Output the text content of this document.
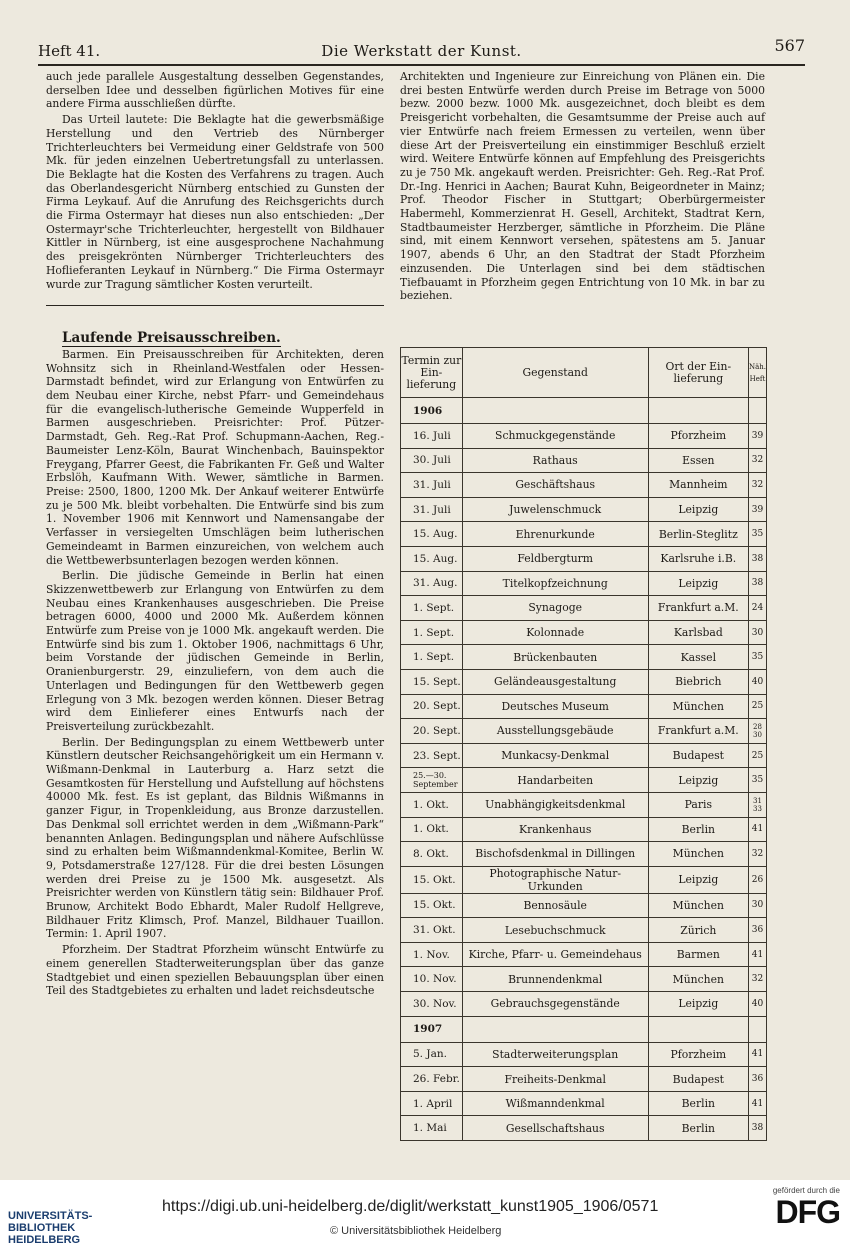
Heft 41.	Die Werkstatt der Kunst.	567

auch jede parallele Ausgestaltung desselben Gegenstandes, derselben Idee und desselben figürlichen Motives für eine andere Firma ausschließen dürfte.

Das Urteil lautete: Die Beklagte hat die gewerbsmäßige Herstellung und den Vertrieb des Nürnberger Trichterleuchters bei Vermeidung einer Geldstrafe von 500 Mk. für jeden einzelnen Uebertretungsfall zu unterlassen. Die Beklagte hat die Kosten des Verfahrens zu tragen. Auch das Oberlandesgericht Nürnberg entschied zu Gunsten der Firma Leykauf. Auf die Anrufung des Reichsgerichts durch die Firma Ostermayr hat dieses nun also entschieden: „Der Ostermayr'sche Trichterleuchter, hergestellt von Bildhauer Kittler in Nürnberg, ist eine ausgesprochene Nachahmung des preisgekrönten Nürnberger Trichterleuchters des Hoflieferanten Leykauf in Nürnberg.“ Die Firma Ostermayr wurde zur Tragung sämtlicher Kosten verurteilt.

Laufende Preisausschreiben.

Barmen. Ein Preisausschreiben für Architekten, deren Wohnsitz sich in Rheinland-Westfalen oder Hessen-Darmstadt befindet, wird zur Erlangung von Entwürfen zu dem Neubau einer Kirche, nebst Pfarr- und Gemeindehaus für die evangelisch-lutherische Gemeinde Wupperfeld in Barmen ausgeschrieben. Preisrichter: Prof. Pützer-Darmstadt, Geh. Reg.-Rat Prof. Schupmann-Aachen, Reg.-Baumeister Lenz-Köln, Baurat Winchenbach, Bauinspektor Freygang, Pfarrer Geest, die Fabrikanten Fr. Geß und Walter Erbslöh, Kaufmann With. Wewer, sämtliche in Barmen. Preise: 2500, 1800, 1200 Mk. Der Ankauf weiterer Entwürfe zu je 500 Mk. bleibt vorbehalten. Die Entwürfe sind bis zum 1. November 1906 mit Kennwort und Namensangabe der Verfasser in versiegelten Umschlägen beim lutherischen Gemeindeamt in Barmen einzureichen, von welchem auch die Wettbewerbsunterlagen bezogen werden können.

Berlin. Die jüdische Gemeinde in Berlin hat einen Skizzenwettbewerb zur Erlangung von Entwürfen zu dem Neubau eines Krankenhauses ausgeschrieben. Die Preise betragen 6000, 4000 und 2000 Mk. Außerdem können Entwürfe zum Preise von je 1000 Mk. angekauft werden. Die Entwürfe sind bis zum 1. Oktober 1906, nachmittags 6 Uhr, beim Vorstande der jüdischen Gemeinde in Berlin, Oranienburgerstr. 29, einzuliefern, von dem auch die Unterlagen und Bedingungen für den Wettbewerb gegen Erlegung von 3 Mk. bezogen werden können. Dieser Betrag wird dem Einlieferer eines Entwurfs nach der Preisverteilung zurückbezahlt.

Berlin. Der Bedingungsplan zu einem Wettbewerb unter Künstlern deutscher Reichsangehörigkeit um ein Hermann v. Wißmann-Denkmal in Lauterburg a. Harz setzt die Gesamtkosten für Herstellung und Aufstellung auf höchstens 40000 Mk. fest. Es ist geplant, das Bildnis Wißmanns in ganzer Figur, in Tropenkleidung, aus Bronze darzustellen. Das Denkmal soll errichtet werden in dem „Wißmann-Park“ benannten Anlagen. Bedingungsplan und nähere Aufschlüsse sind zu erhalten beim Wißmanndenkmal-Komitee, Berlin W. 9, Potsdamerstraße 127/128. Für die drei besten Lösungen werden drei Preise zu je 1500 Mk. ausgesetzt. Als Preisrichter werden von Künstlern tätig sein: Bildhauer Prof. Brunow, Architekt Bodo Ebhardt, Maler Rudolf Hellgreve, Bildhauer Fritz Klimsch, Prof. Manzel, Bildhauer Tuaillon. Termin: 1. April 1907.

Pforzheim. Der Stadtrat Pforzheim wünscht Entwürfe zu einem generellen Stadterweiterungsplan über das ganze Stadtgebiet und einen speziellen Bebauungsplan über einen Teil des Stadtgebietes zu erhalten und ladet reichsdeutsche

Architekten und Ingenieure zur Einreichung von Plänen ein. Die drei besten Entwürfe werden durch Preise im Betrage von 5000 bezw. 2000 bezw. 1000 Mk. ausgezeichnet, doch bleibt es dem Preisgericht vorbehalten, die Gesamtsumme der Preise auch auf vier Entwürfe nach freiem Ermessen zu verteilen, wenn über diese Art der Preisverteilung ein einstimmiger Beschluß erzielt wird. Weitere Entwürfe können auf Empfehlung des Preisgerichts zu je 750 Mk. angekauft werden. Preisrichter: Geh. Reg.-Rat Prof. Dr.-Ing. Henrici in Aachen; Baurat Kuhn, Beigeordneter in Mainz; Prof. Theodor Fischer in Stuttgart; Oberbürgermeister Habermehl, Kommerzienrat H. Gesell, Architekt, Stadtrat Kern, Stadtbaumeister Herzberger, sämtliche in Pforzheim. Die Pläne sind, mit einem Kennwort versehen, spätestens am 5. Januar 1907, abends 6 Uhr, an den Stadtrat der Stadt Pforzheim einzusenden. Die Unterlagen sind bei dem städtischen Tiefbauamt in Pforzheim gegen Entrichtung von 10 Mk. in bar zu beziehen.

Termin zur Ein-lieferung	Gegenstand	Ort der Ein-lieferung	Näh. Heft
1906			
16. Juli	Schmuckgegenstände	Pforzheim	39
30. Juli	Rathaus	Essen	32
31. Juli	Geschäftshaus	Mannheim	32
31. Juli	Juwelenschmuck	Leipzig	39
15. Aug.	Ehrenurkunde	Berlin-Steglitz	35
15. Aug.	Feldbergturm	Karlsruhe i.B.	38
31. Aug.	Titelkopfzeichnung	Leipzig	38
1. Sept.	Synagoge	Frankfurt a.M.	24
1. Sept.	Kolonnade	Karlsbad	30
1. Sept.	Brückenbauten	Kassel	35
15. Sept.	Geländeausgestaltung	Biebrich	40
20. Sept.	Deutsches Museum	München	25
20. Sept.	Ausstellungsgebäude	Frankfurt a.M.	28 30
23. Sept.	Munkacsy-Denkmal	Budapest	25
25.—30. September	Handarbeiten	Leipzig	35
1. Okt.	Unabhängigkeitsdenkmal	Paris	31 33
1. Okt.	Krankenhaus	Berlin	41
8. Okt.	Bischofsdenkmal in Dillingen	München	32
15. Okt.	Photographische Natur-Urkunden	Leipzig	26
15. Okt.	Bennosäule	München	30
31. Okt.	Lesebuchschmuck	Zürich	36
1. Nov.	Kirche, Pfarr- u. Gemeindehaus	Barmen	41
10. Nov.	Brunnendenkmal	München	32
30. Nov.	Gebrauchsgegenstände	Leipzig	40
1907			
5. Jan.	Stadterweiterungsplan	Pforzheim	41
26. Febr.	Freiheits-Denkmal	Budapest	36
1. April	Wißmanndenkmal	Berlin	41
1. Mai	Gesellschaftshaus	Berlin	38
UNIVERSITÄTS-
BIBLIOTHEK
HEIDELBERG
https://digi.ub.uni-heidelberg.de/diglit/werkstatt_kunst1905_1906/0571
© Universitätsbibliothek Heidelberg
gefördert durch die
DFG
